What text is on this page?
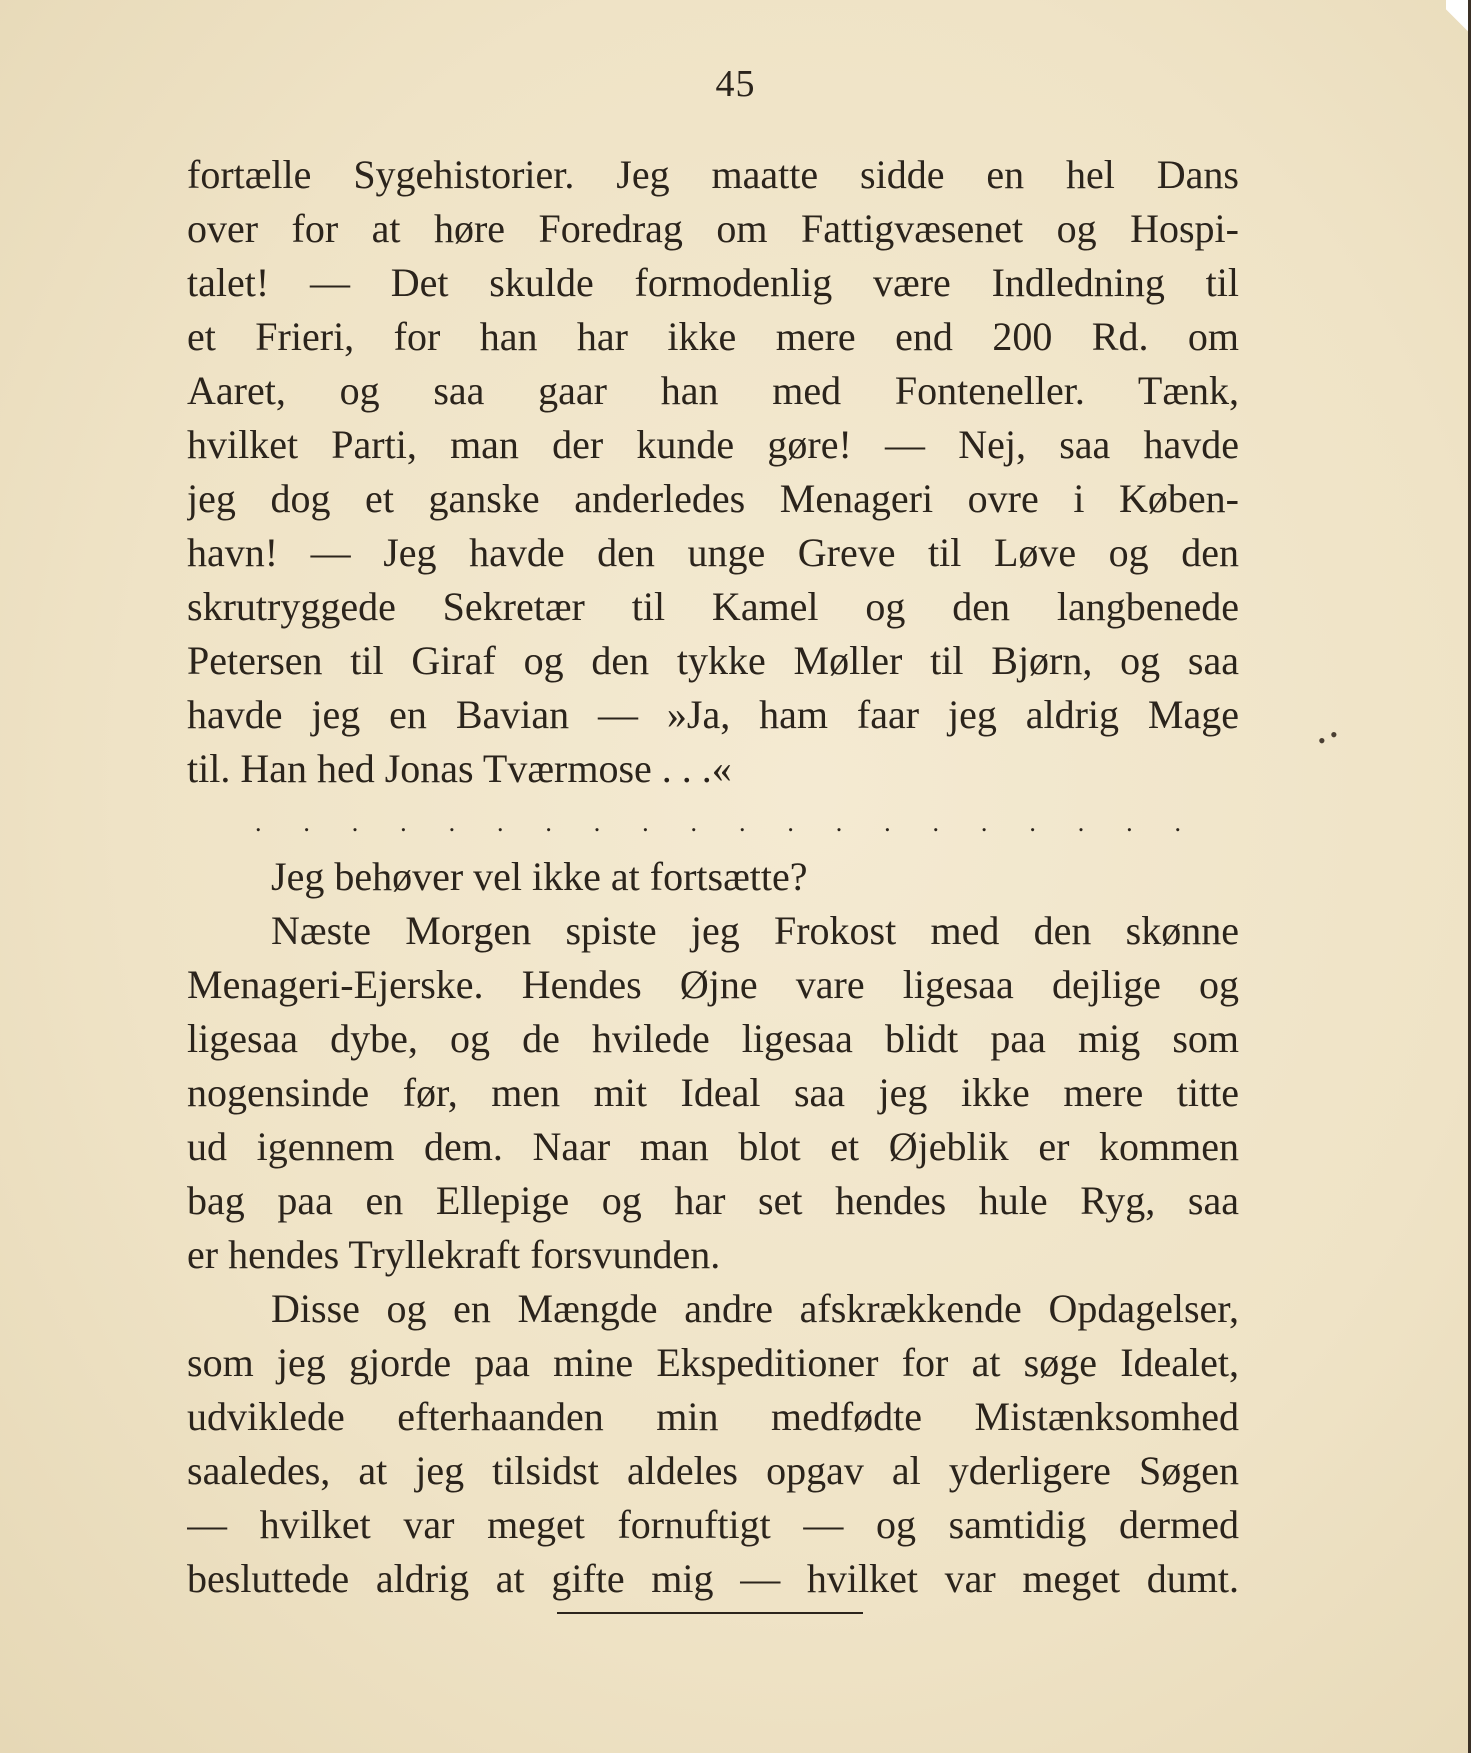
45
fortælle Sygehistorier. Jeg maatte sidde en hel Dans
over for at høre Foredrag om Fattigvæsenet og Hospi-
talet! — Det skulde formodenlig være Indledning til
et Frieri, for han har ikke mere end 200 Rd. om
Aaret, og saa gaar han med Fonteneller. Tænk,
hvilket Parti, man der kunde gøre! — Nej, saa havde
jeg dog et ganske anderledes Menageri ovre i Køben-
havn! — Jeg havde den unge Greve til Løve og den
skrutryggede Sekretær til Kamel og den langbenede
Petersen til Giraf og den tykke Møller til Bjørn, og saa
havde jeg en Bavian — »Ja, ham faar jeg aldrig Mage
til. Han hed Jonas Tværmose . . .«
. . . . . . . . . . . . . . . . . . . .
Jeg behøver vel ikke at fortsætte?
Næste Morgen spiste jeg Frokost med den skønne
Menageri-Ejerske. Hendes Øjne vare ligesaa dejlige og
ligesaa dybe, og de hvilede ligesaa blidt paa mig som
nogensinde før, men mit Ideal saa jeg ikke mere titte
ud igennem dem. Naar man blot et Øjeblik er kommen
bag paa en Ellepige og har set hendes hule Ryg, saa
er hendes Tryllekraft forsvunden.
Disse og en Mængde andre afskrækkende Opdagelser,
som jeg gjorde paa mine Ekspeditioner for at søge Idealet,
udviklede efterhaanden min medfødte Mistænksomhed
saaledes, at jeg tilsidst aldeles opgav al yderligere Søgen
— hvilket var meget fornuftigt — og samtidig dermed
besluttede aldrig at gifte mig — hvilket var meget dumt.
• •
